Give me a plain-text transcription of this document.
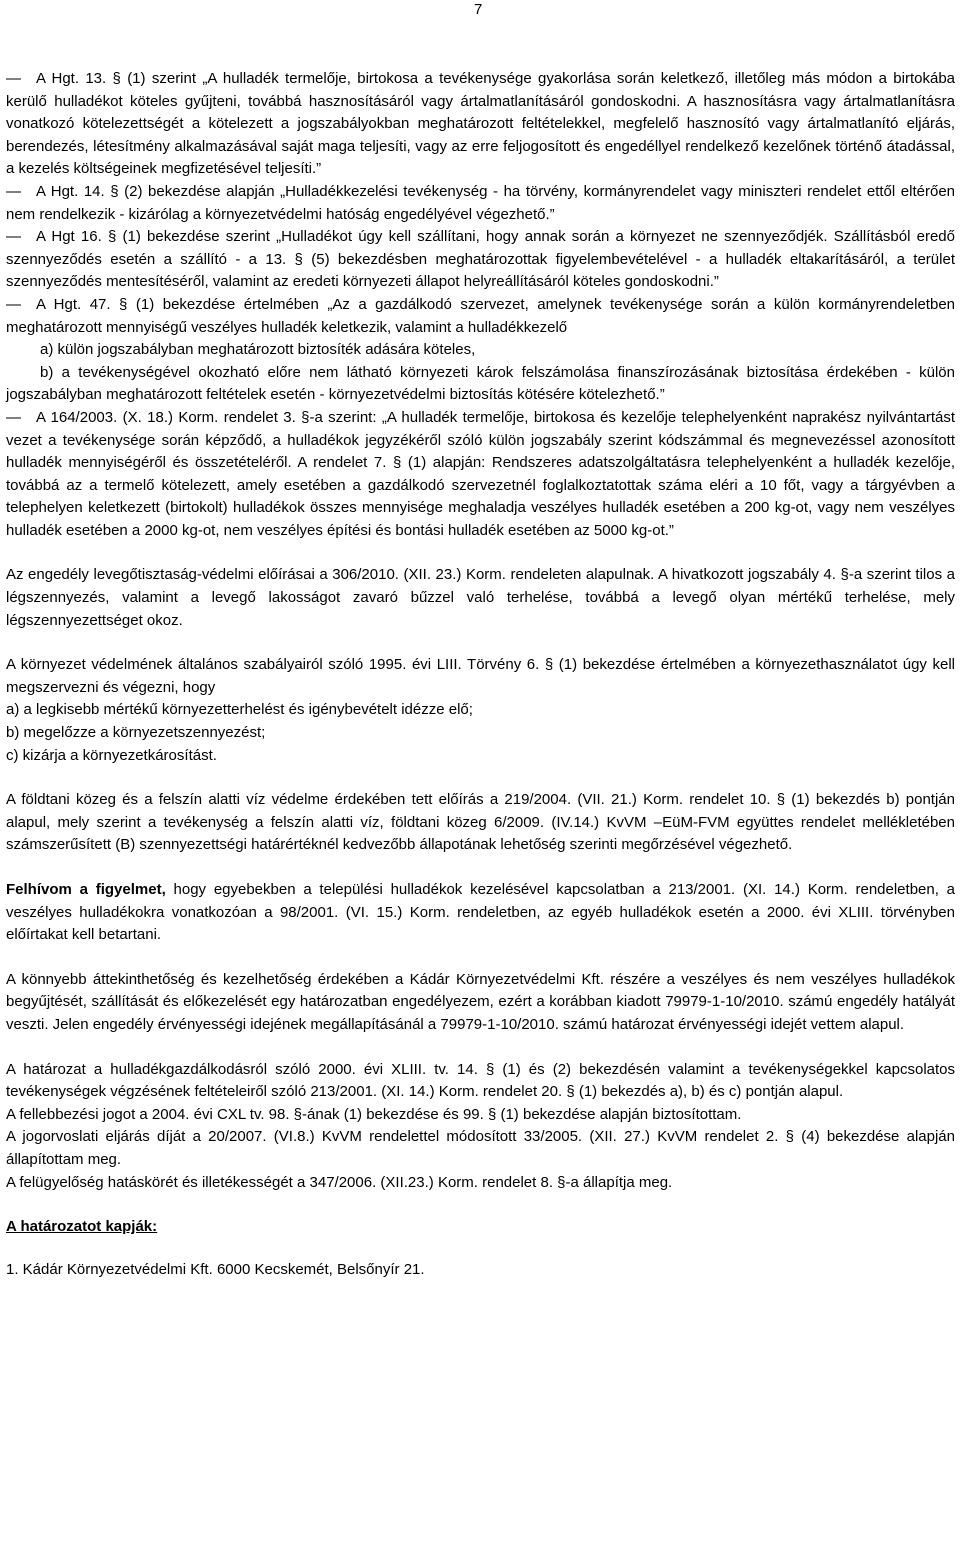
7

— A Hgt. 13. § (1) szerint „A hulladék termelője, birtokosa a tevékenysége gyakorlása során keletkező, illetőleg más módon a birtokába kerülő hulladékot köteles gyűjteni, továbbá hasznosításáról vagy ártalmatlanításáról gondoskodni. A hasznosításra vagy ártalmatlanításra vonatkozó kötelezettségét a kötelezett a jogszabályokban meghatározott feltételekkel, megfelelő hasznosító vagy ártalmatlanító eljárás, berendezés, létesítmény alkalmazásával saját maga teljesíti, vagy az erre feljogosított és engedéllyel rendelkező kezelőnek történő átadással, a kezelés költségeinek megfizetésével teljesíti.”

— A Hgt. 14. § (2) bekezdése alapján „Hulladékkezelési tevékenység - ha törvény, kormányrendelet vagy miniszteri rendelet ettől eltérően nem rendelkezik - kizárólag a környezetvédelmi hatóság engedélyével végezhető.”

— A Hgt 16. § (1) bekezdése szerint „Hulladékot úgy kell szállítani, hogy annak során a környezet ne szennyeződjék. Szállításból eredő szennyeződés esetén a szállító - a 13. § (5) bekezdésben meghatározottak figyelembevételével - a hulladék eltakarításáról, a terület szennyeződés mentesítéséről, valamint az eredeti környezeti állapot helyreállításáról köteles gondoskodni.”

— A Hgt. 47. § (1) bekezdése értelmében „Az a gazdálkodó szervezet, amelynek tevékenysége során a külön kormányrendeletben meghatározott mennyiségű veszélyes hulladék keletkezik, valamint a hulladékkezelő

a) külön jogszabályban meghatározott biztosíték adására köteles,

b) a tevékenységével okozható előre nem látható környezeti károk felszámolása finanszírozásának biztosítása érdekében - külön jogszabályban meghatározott feltételek esetén - környezetvédelmi biztosítás kötésére kötelezhető.”

— A 164/2003. (X. 18.) Korm. rendelet 3. §-a szerint: „A hulladék termelője, birtokosa és kezelője telephelyenként naprakész nyilvántartást vezet a tevékenysége során képződő, a hulladékok jegyzékéről szóló külön jogszabály szerint kódszámmal és megnevezéssel azonosított hulladék mennyiségéről és összetételéről. A rendelet 7. § (1) alapján: Rendszeres adatszolgáltatásra telephelyenként a hulladék kezelője, továbbá az a termelő kötelezett, amely esetében a gazdálkodó szervezetnél foglalkoztatottak száma eléri a 10 főt, vagy a tárgyévben a telephelyen keletkezett (birtokolt) hulladékok összes mennyisége meghaladja veszélyes hulladék esetében a 200 kg-ot, vagy nem veszélyes hulladék esetében a 2000 kg-ot, nem veszélyes építési és bontási hulladék esetében az 5000 kg-ot.”

Az engedély levegőtisztaság-védelmi előírásai a 306/2010. (XII. 23.) Korm. rendeleten alapulnak. A hivatkozott jogszabály 4. §-a szerint tilos a légszennyezés, valamint a levegő lakosságot zavaró bűzzel való terhelése, továbbá a levegő olyan mértékű terhelése, mely légszennyezettséget okoz.

A környezet védelmének általános szabályairól szóló 1995. évi LIII. Törvény 6. § (1) bekezdése értelmében a környezethasználatot úgy kell megszervezni és végezni, hogy

a) a legkisebb mértékű környezetterhelést és igénybevételt idézze elő;

b) megelőzze a környezetszennyezést;

c) kizárja a környezetkárosítást.

A földtani közeg és a felszín alatti víz védelme érdekében tett előírás a 219/2004. (VII. 21.) Korm. rendelet 10. § (1) bekezdés b) pontján alapul, mely szerint a tevékenység a felszín alatti víz, földtani közeg 6/2009. (IV.14.) KvVM –EüM-FVM együttes rendelet mellékletében számszerűsített (B) szennyezettségi határértéknél kedvezőbb állapotának lehetőség szerinti megőrzésével végezhető.

Felhívom a figyelmet, hogy egyebekben a települési hulladékok kezelésével kapcsolatban a 213/2001. (XI. 14.) Korm. rendeletben, a veszélyes hulladékokra vonatkozóan a 98/2001. (VI. 15.) Korm. rendeletben, az egyéb hulladékok esetén a 2000. évi XLIII. törvényben előírtakat kell betartani.

A könnyebb áttekinthetőség és kezelhetőség érdekében a Kádár Környezetvédelmi Kft. részére a veszélyes és nem veszélyes hulladékok begyűjtését, szállítását és előkezelését egy határozatban engedélyezem, ezért a korábban kiadott 79979-1-10/2010. számú engedély hatályát veszti. Jelen engedély érvényességi idejének megállapításánál a 79979-1-10/2010. számú határozat érvényességi idejét vettem alapul.

A határozat a hulladékgazdálkodásról szóló 2000. évi XLIII. tv. 14. § (1) és (2) bekezdésén valamint a tevékenységekkel kapcsolatos tevékenységek végzésének feltételeiről szóló 213/2001. (XI. 14.) Korm. rendelet 20. § (1) bekezdés a), b) és c) pontján alapul.

A fellebbezési jogot a 2004. évi CXL tv. 98. §-ának (1) bekezdése és 99. § (1) bekezdése alapján biztosítottam.

A jogorvoslati eljárás díját a 20/2007. (VI.8.) KvVM rendelettel módosított 33/2005. (XII. 27.) KvVM rendelet 2. § (4) bekezdése alapján állapítottam meg.

A felügyelőség hatáskörét és illetékességét a 347/2006. (XII.23.) Korm. rendelet 8. §-a állapítja meg.

A határozatot kapják:

1. Kádár Környezetvédelmi Kft. 6000 Kecskemét, Belsőnyír 21.
